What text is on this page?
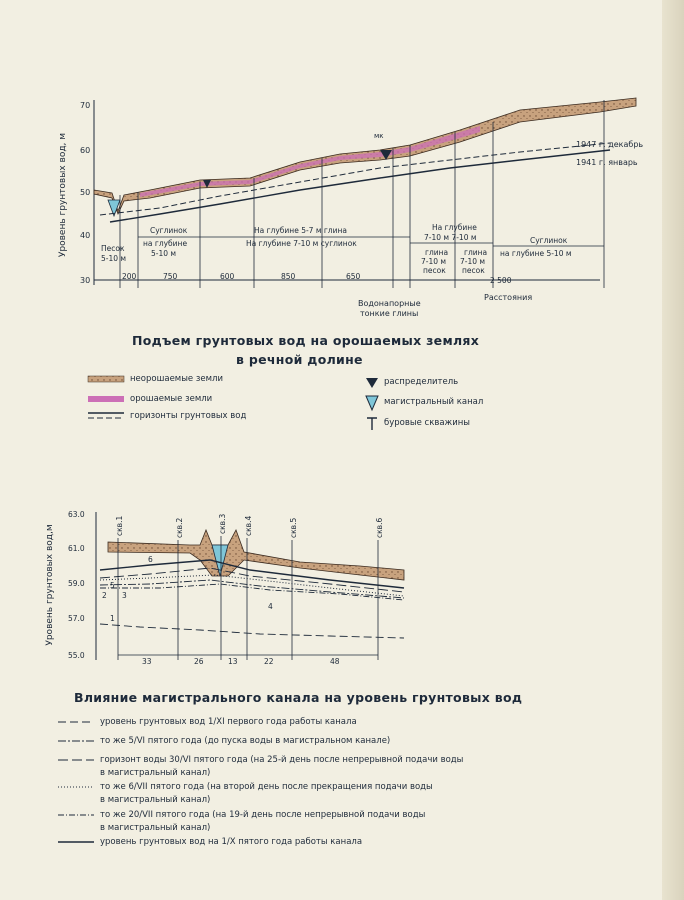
Уровень грунтовых вод, м
70
60
50
40
30
мк
1947 г. декабрь
1941 г. январь
Песок
5-10 м
Суглинок
на глубине
5-10 м
На глубине 5-7 м глина
На глубине 7-10 м суглинок
На глубине
7-10 м 7-10 м
глина
7-10 м
песок
глина
7-10 м
песок
Суглинок
на глубине 5-10 м
200	750	600	850	650	2 500
Водонапорные
тонкие глины
Расстояния
Уровень грунтовых вод,м
63.0
61.0
59.0
57.0
55.0
скв.1	скв.2	скв.3 скв.4	скв.5	скв.6
1
2 3
4
5
6
33	26	13	22	48
Подъем грунтовых вод на орошаемых землях
в речной долине
неорошаемые земли
орошаемые земли
горизонты грунтовых вод
распределитель
магистральный канал
буровые скважины
Влияние магистрального канала на уровень грунтовых вод
уровень грунтовых вод 1/XI первого года работы канала
то же 5/VI пятого года (до пуска воды в магистральном канале)
горизонт воды 30/VI пятого года (на 25-й день после непрерывной подачи воды
в магистральный канал)
то же 6/VII пятого года (на второй день после прекращения подачи воды
в магистральный канал)
то же 20/VII пятого года (на 19-й день после непрерывной подачи воды
в магистральный канал)
уровень грунтовых вод на 1/X пятого года работы канала
